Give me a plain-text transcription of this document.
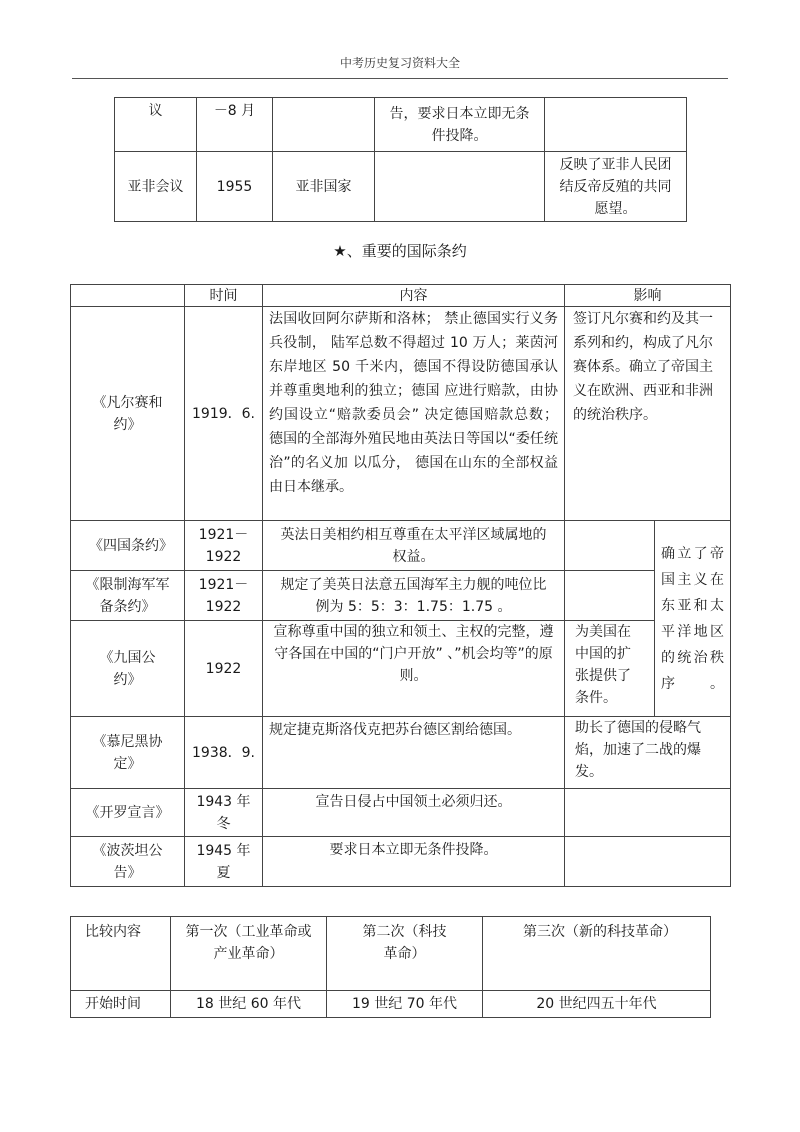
中考历史复习资料大全
议	－8 月		告，要求日本立即无条件投降。	
亚非会议	1955	亚非国家		反映了亚非人民团结反帝反殖的共同愿望。
★、重要的国际条约
	时间	内容	影响	
《凡尔赛和约》	1919．6.	法国收回阿尔萨斯和洛林； 禁止德国实行义务兵役制， 陆军总数不得超过 10 万人；莱茵河东岸地区 50 千米内，德国不得设防德国承认并尊重奥地利的独立；德国 应进行赔款，由协约国设立“赔款委员会” 决定德国赔款总数； 德国的全部海外殖民地由英法日等国以“委任统治”的名义加 以瓜分， 德国在山东的全部权益由日本继承。	签订凡尔赛和约及其一系列和约，构成了凡尔赛体系。确立了帝国主义在欧洲、西亚和非洲的统治秩序。	
《四国条约》	1921－1922	英法日美相约相互尊重在太平洋区域属地的权益。		确立了帝国主义在东亚和太平洋地区的统治秩序。
《限制海军军备条约》	1921－1922	规定了美英日法意五国海军主力舰的吨位比例为 5：5：3：1.75：1.75 。		
《九国公约》	1922	宣称尊重中国的独立和领土、主权的完整，遵守各国在中国的“门户开放” 、”机会均等”的原则。	为美国在中国的扩张提供了条件。	
《慕尼黑协定》	1938．9.	规定捷克斯洛伐克把苏台德区割给德国。	助长了德国的侵略气焰，加速了二战的爆发。	
《开罗宣言》	1943 年冬	宣告日侵占中国领土必须归还。		
《波茨坦公告》	1945 年夏	要求日本立即无条件投降。		
比较内容	第一次（工业革命或产业革命）	第二次（科技革命）	第三次（新的科技革命）
开始时间	18 世纪 60 年代	19 世纪 70 年代	20 世纪四五十年代
